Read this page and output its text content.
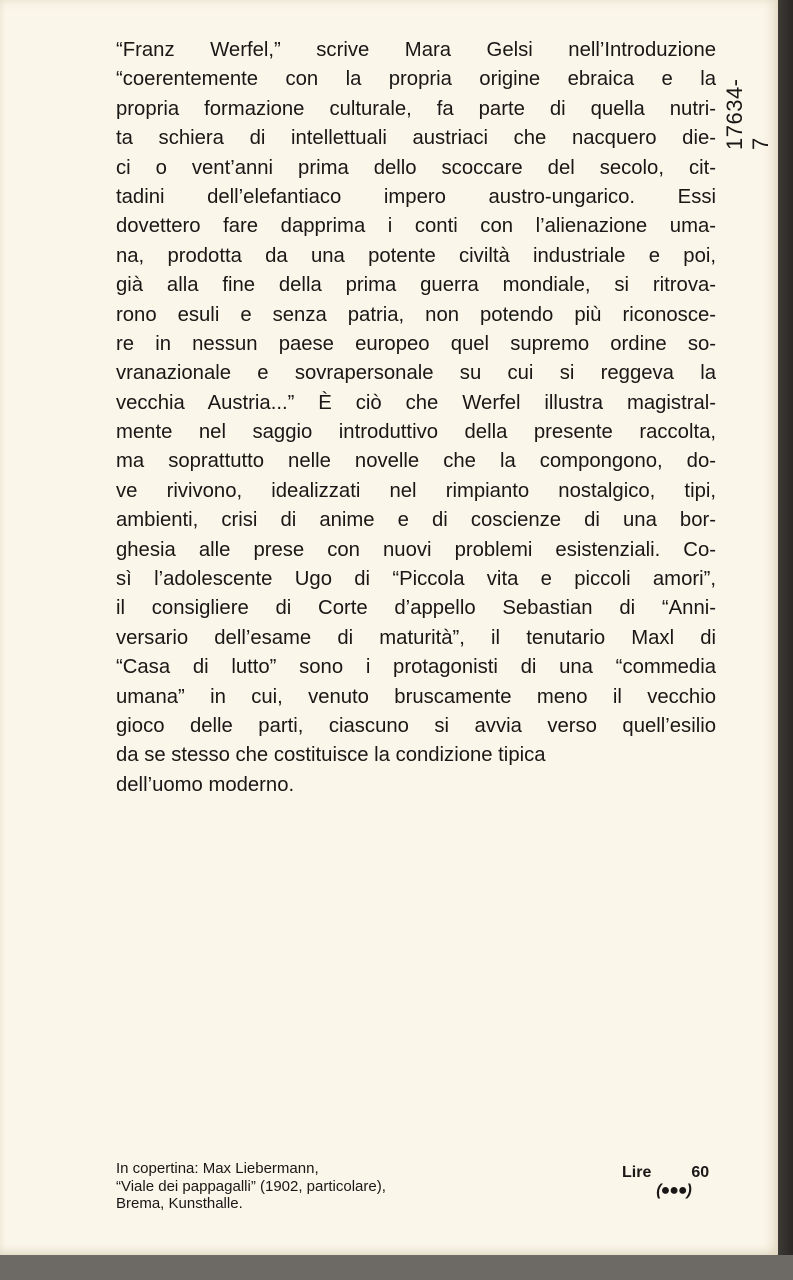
“Franz Werfel,” scrive Mara Gelsi nell’Introduzione
“coerentemente con la propria origine ebraica e la
propria formazione culturale, fa parte di quella nutri-
ta schiera di intellettuali austriaci che nacquero die-
ci o vent’anni prima dello scoccare del secolo, cit-
tadini dell’elefantiaco impero austro-ungarico. Essi
dovettero fare dapprima i conti con l’alienazione uma-
na, prodotta da una potente civiltà industriale e poi,
già alla fine della prima guerra mondiale, si ritrova-
rono esuli e senza patria, non potendo più riconosce-
re in nessun paese europeo quel supremo ordine so-
vranazionale e sovrapersonale su cui si reggeva la
vecchia Austria...” È ciò che Werfel illustra magistral-
mente nel saggio introduttivo della presente raccolta,
ma soprattutto nelle novelle che la compongono, do-
ve rivivono, idealizzati nel rimpianto nostalgico, tipi,
ambienti, crisi di anime e di coscienze di una bor-
ghesia alle prese con nuovi problemi esistenziali. Co-
sì l’adolescente Ugo di “Piccola vita e piccoli amori”,
il consigliere di Corte d’appello Sebastian di “Anni-
versario dell’esame di maturità”, il tenutario Maxl di
“Casa di lutto” sono i protagonisti di una “commedia
umana” in cui, venuto bruscamente meno il vecchio
gioco delle parti, ciascuno si avvia verso quell’esilio
da se stesso che costituisce la condizione tipica
dell’uomo moderno.
17634-7
In copertina: Max Liebermann,
“Viale dei pappagalli” (1902, particolare),
Brema, Kunsthalle.
Lire	60
(●●●)
